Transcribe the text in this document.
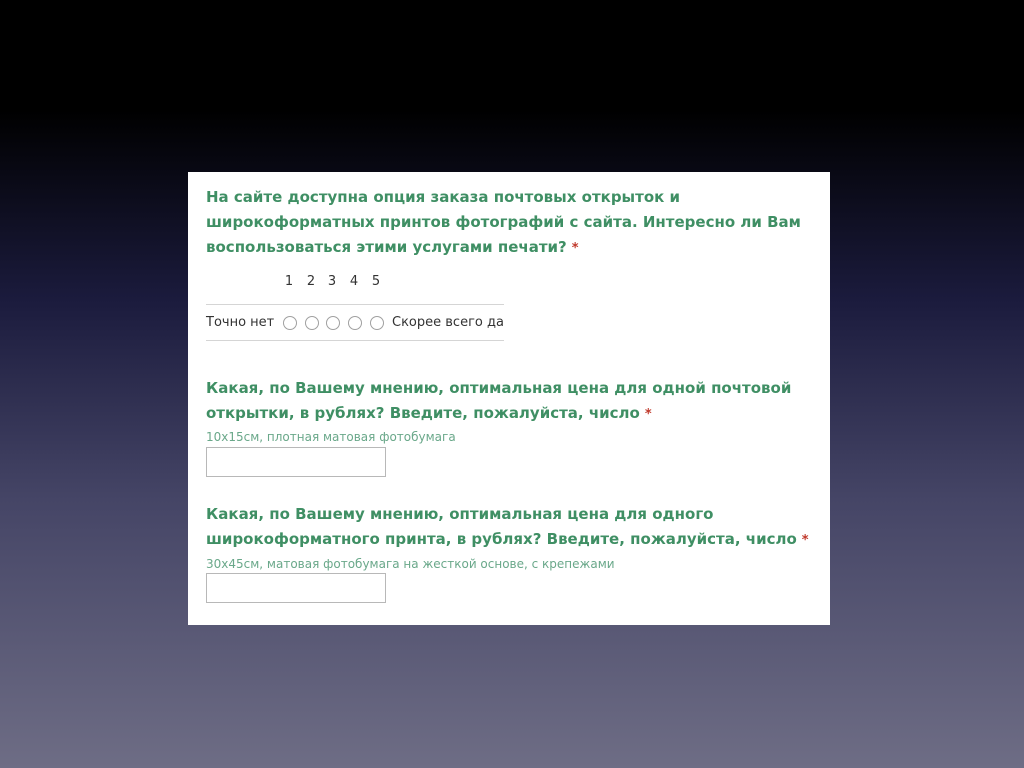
На сайте доступна опция заказа почтовых открыток и широкоформатных принтов фотографий с сайта. Интересно ли Вам воспользоваться этими услугами печати? *

1 2 3 4 5
Точно нет	Скорее всего да

Какая, по Вашему мнению, оптимальная цена для одной почтовой открытки, в рублях? Введите, пожалуйста, число *

10x15см, плотная матовая фотобумага

Какая, по Вашему мнению, оптимальная цена для одного широкоформатного принта, в рублях? Введите, пожалуйста, число *

30x45см, матовая фотобумага на жесткой основе, с крепежами
